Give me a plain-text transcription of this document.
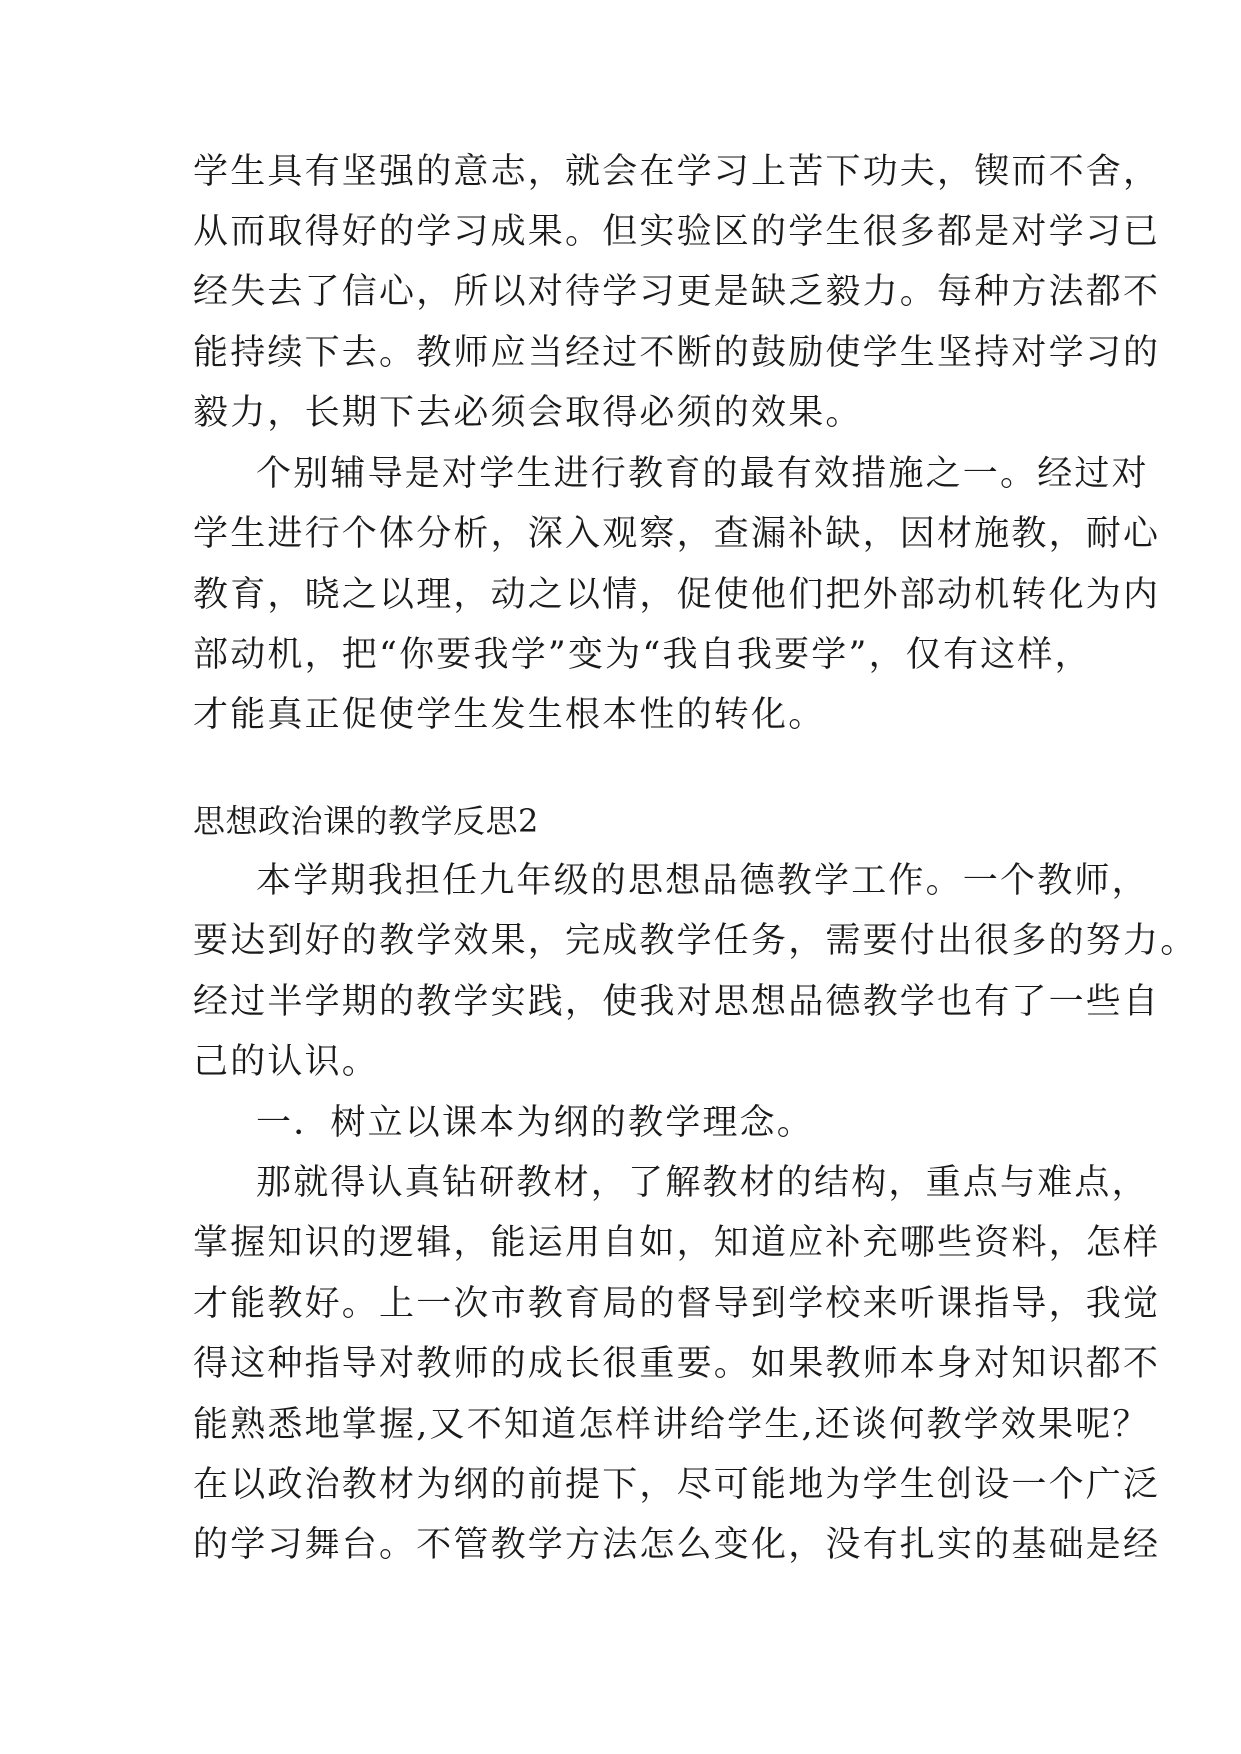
学生具有坚强的意志，就会在学习上苦下功夫，锲而不舍，
从而取得好的学习成果。但实验区的学生很多都是对学习已
经失去了信心，所以对待学习更是缺乏毅力。每种方法都不
能持续下去。教师应当经过不断的鼓励使学生坚持对学习的
毅力，长期下去必须会取得必须的效果。
个别辅导是对学生进行教育的最有效措施之一。经过对
学生进行个体分析，深入观察，查漏补缺，因材施教，耐心
教育，晓之以理，动之以情，促使他们把外部动机转化为内
部动机，把“你要我学”变为“我自我要学”，仅有这样，
才能真正促使学生发生根本性的转化。
思想政治课的教学反思2
本学期我担任九年级的思想品德教学工作。一个教师，
要达到好的教学效果，完成教学任务，需要付出很多的努力。
经过半学期的教学实践，使我对思想品德教学也有了一些自
己的认识。
一．树立以课本为纲的教学理念。
那就得认真钻研教材，了解教材的结构，重点与难点，
掌握知识的逻辑，能运用自如，知道应补充哪些资料，怎样
才能教好。上一次市教育局的督导到学校来听课指导，我觉
得这种指导对教师的成长很重要。如果教师本身对知识都不
能熟悉地掌握,又不知道怎样讲给学生,还谈何教学效果呢？
在以政治教材为纲的前提下，尽可能地为学生创设一个广泛
的学习舞台。不管教学方法怎么变化，没有扎实的基础是经
